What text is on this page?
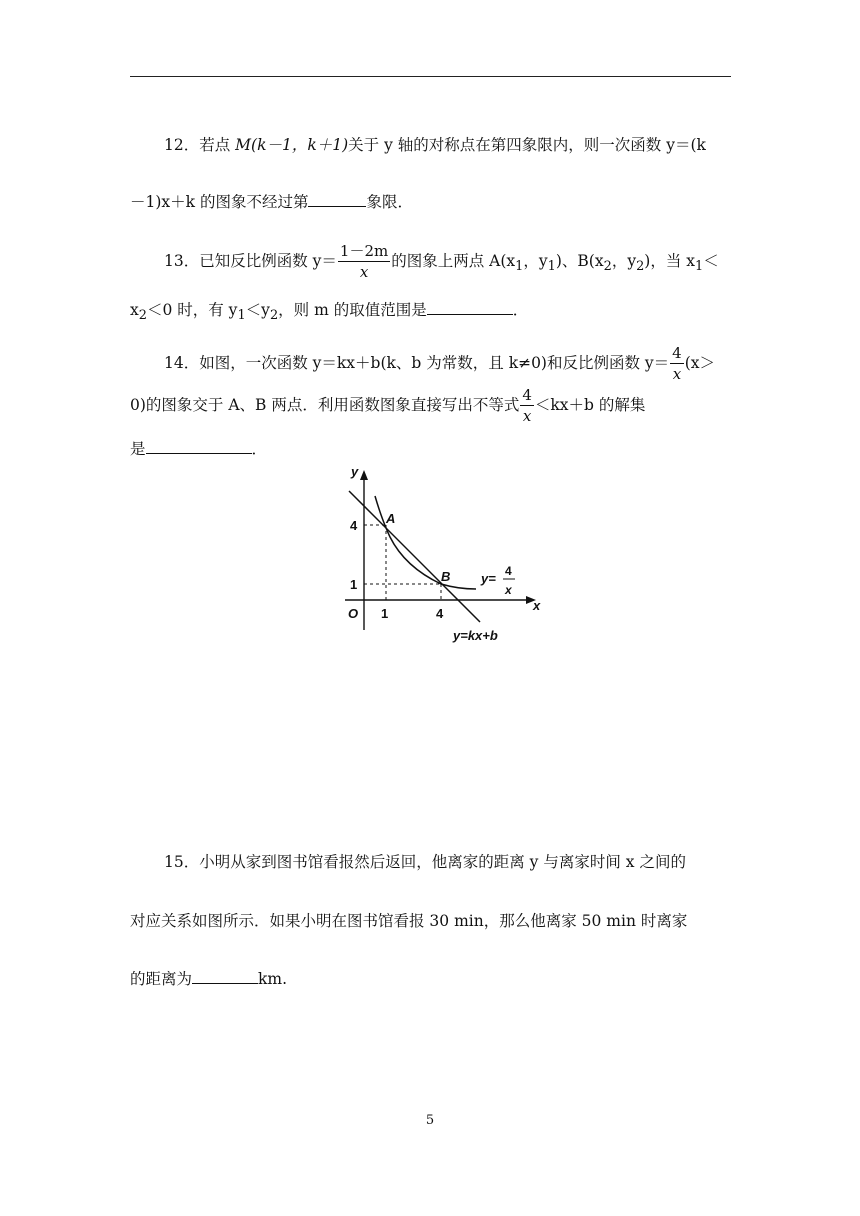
12．若点 M(k－1，k＋1)关于 y 轴的对称点在第四象限内，则一次函数 y＝(k
－1)x＋k 的图象不经过第	象限．
13．已知反比例函数 $y= \frac{1-2m}{x}$ 的图象上两点 $A(x_1$，$y_1$)、$B(x_2$，$y_2$)，当 $x_1<$
$x_2<0$ 时，有 $y_1<y_2$，则 m 的取值范围是	．
14．如图，一次函数 y＝kx＋b(k、b 为常数，且 k≠0)和反比例函数 $y= \frac{4}{x} (x>$
0)的图象交于 A、B 两点．利用函数图象直接写出不等式 $\frac{4}{x} <kx+b$ 的解集
是	．
y
x
O 1	4
1
4 A
B y= 4
x
y=kx+b
15．小明从家到图书馆看报然后返回，他离家的距离 y 与离家时间 x 之间的
对应关系如图所示．如果小明在图书馆看报 30 min，那么他离家 50 min 时离家
的距离为	km.
5
